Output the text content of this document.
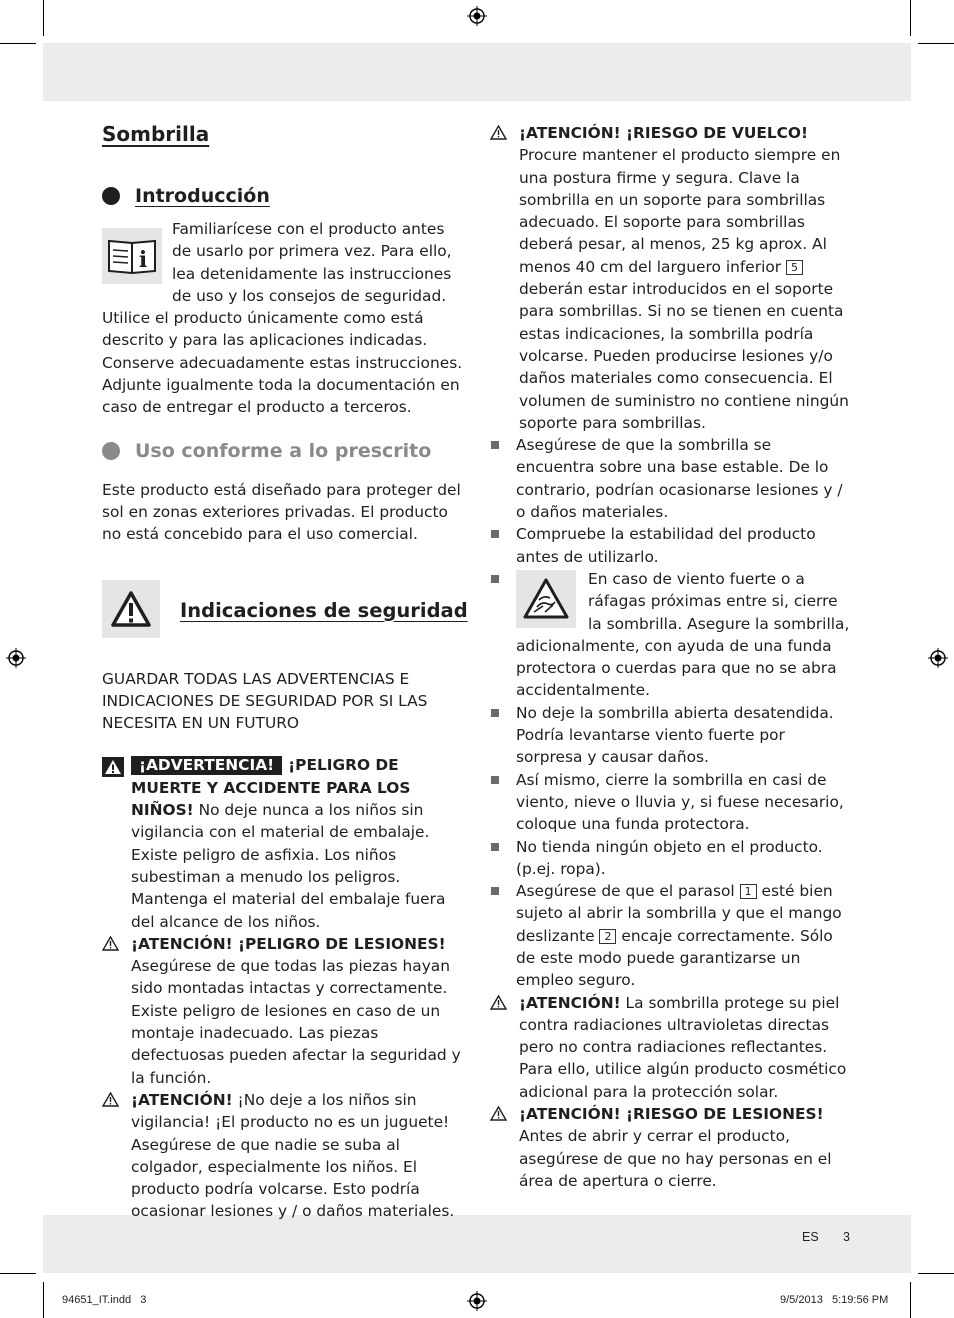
Sombrilla
Introducción
i

Familiarícese con el producto antes de usarlo por primera vez. Para ello, lea detenidamente las instrucciones de uso y los consejos de seguridad. Utilice el producto únicamente como está descrito y para las aplicaciones indicadas. Conserve adecuadamente estas instrucciones. Adjunte igualmente toda la documentación en caso de entregar el producto a terceros.

Uso conforme a lo prescrito

Este producto está diseñado para proteger del sol en zonas exteriores privadas. El producto no está concebido para el uso comercial.

Indicaciones de seguridad

GUARDAR TODAS LAS ADVERTENCIAS E INDICACIONES DE SEGURIDAD POR SI LAS NECESITA EN UN FUTURO

¡ADVERTENCIA! ¡PELIGRO DE MUERTE Y ACCIDENTE PARA LOS NIÑOS! No deje nunca a los niños sin vigilancia con el material de embalaje. Existe peligro de asfixia. Los niños subestiman a menudo los peligros. Mantenga el material del embalaje fuera del alcance de los niños.
¡ATENCIÓN! ¡PELIGRO DE LESIONES! Asegúrese de que todas las piezas hayan sido montadas intactas y correctamente. Existe peligro de lesiones en caso de un montaje inadecuado. Las piezas defectuosas pueden afectar la seguridad y la función.
¡ATENCIÓN! ¡No deje a los niños sin vigilancia! ¡El producto no es un juguete! Asegúrese de que nadie se suba al colgador, especialmente los niños. El producto podría volcarse. Esto podría ocasionar lesiones y / o daños materiales.
¡ATENCIÓN! ¡RIESGO DE VUELCO!
Procure mantener el producto siempre en una postura firme y segura. Clave la sombrilla en un soporte para sombrillas adecuado. El soporte para sombrillas deberá pesar, al menos, 25 kg aprox. Al menos 40 cm del larguero inferior 5 deberán estar introducidos en el soporte para sombrillas. Si no se tienen en cuenta estas indicaciones, la sombrilla podría volcarse. Pueden producirse lesiones y/o daños materiales como consecuencia. El volumen de suministro no contiene ningún soporte para sombrillas.
Asegúrese de que la sombrilla se encuentra sobre una base estable. De lo contrario, podrían ocasionarse lesiones y / o daños materiales.
Compruebe la estabilidad del producto antes de utilizarlo.
En caso de viento fuerte o a ráfagas próximas entre si, cierre la sombrilla. Asegure la sombrilla, adicionalmente, con ayuda de una funda protectora o cuerdas para que no se abra accidentalmente.
No deje la sombrilla abierta desatendida. Podría levantarse viento fuerte por sorpresa y causar daños.
Así mismo, cierre la sombrilla en casi de viento, nieve o lluvia y, si fuese necesario, coloque una funda protectora.
No tienda ningún objeto en el producto.(p.ej. ropa).
Asegúrese de que el parasol 1 esté bien sujeto al abrir la sombrilla y que el mango deslizante 2 encaje correctamente. Sólo de este modo puede garantizarse un empleo seguro.
¡ATENCIÓN! La sombrilla protege su piel contra radiaciones ultravioletas directas pero no contra radiaciones reflectantes. Para ello, utilice algún producto cosmético adicional para la protección solar.
¡ATENCIÓN! ¡RIESGO DE LESIONES!
Antes de abrir y cerrar el producto, asegúrese de que no hay personas en el área de apertura o cierre.
ES 3
94651_IT.indd   3	9/5/2013   5:19:56 PM
